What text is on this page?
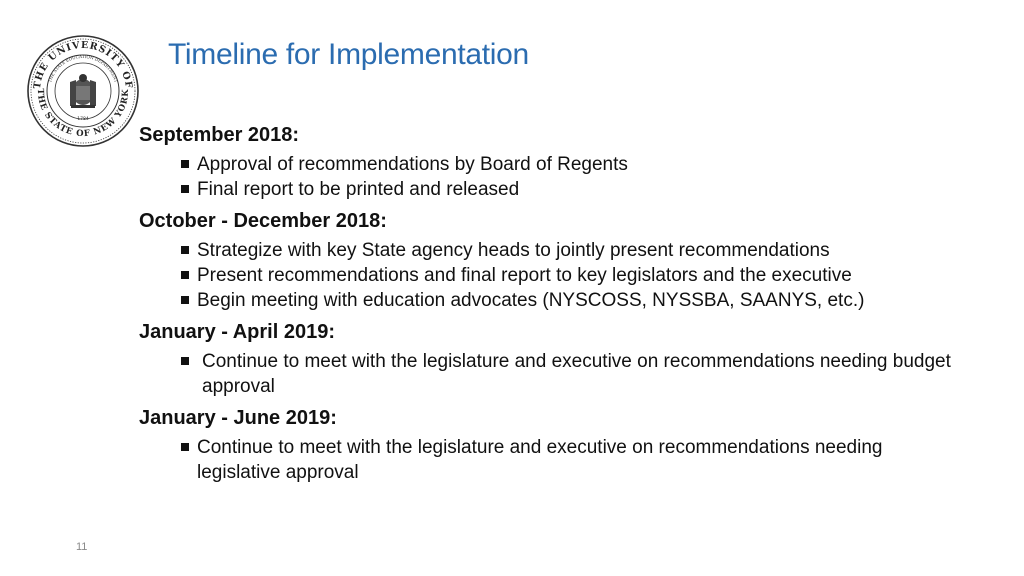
THE UNIVERSITY OF
THE STATE OF NEW YORK
THE STATE EDUCATION DEPARTMENT
1784
Timeline for Implementation
September 2018:
Approval of recommendations by Board of Regents
Final report to be printed and released
October - December 2018:
Strategize with key State agency heads to jointly present recommendations
Present recommendations and final report to key legislators and the executive
Begin meeting with education advocates (NYSCOSS, NYSSBA, SAANYS, etc.)
January - April 2019:
Continue to meet with the legislature and executive on recommendations needing budget approval
January - June 2019:
Continue to meet with the legislature and executive on recommendations needing legislative approval
11
